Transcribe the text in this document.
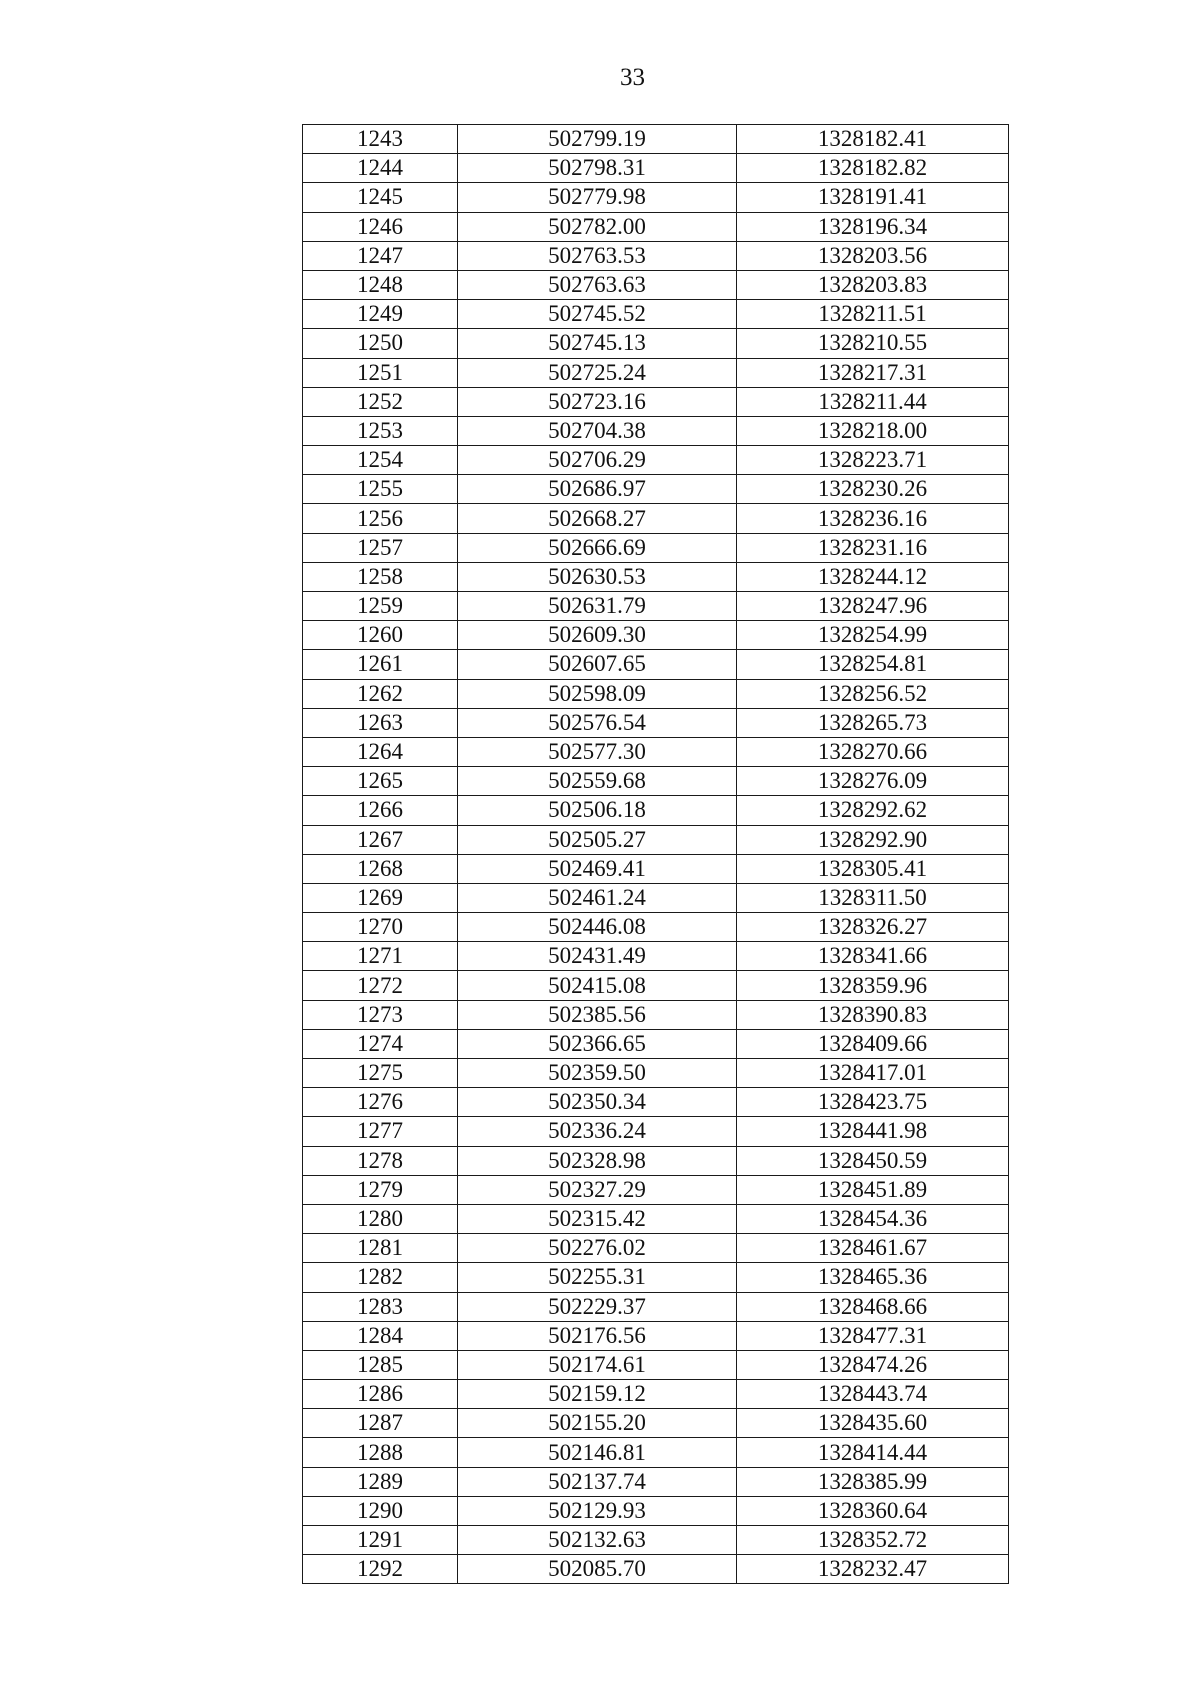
33
1243	502799.19	1328182.41
1244	502798.31	1328182.82
1245	502779.98	1328191.41
1246	502782.00	1328196.34
1247	502763.53	1328203.56
1248	502763.63	1328203.83
1249	502745.52	1328211.51
1250	502745.13	1328210.55
1251	502725.24	1328217.31
1252	502723.16	1328211.44
1253	502704.38	1328218.00
1254	502706.29	1328223.71
1255	502686.97	1328230.26
1256	502668.27	1328236.16
1257	502666.69	1328231.16
1258	502630.53	1328244.12
1259	502631.79	1328247.96
1260	502609.30	1328254.99
1261	502607.65	1328254.81
1262	502598.09	1328256.52
1263	502576.54	1328265.73
1264	502577.30	1328270.66
1265	502559.68	1328276.09
1266	502506.18	1328292.62
1267	502505.27	1328292.90
1268	502469.41	1328305.41
1269	502461.24	1328311.50
1270	502446.08	1328326.27
1271	502431.49	1328341.66
1272	502415.08	1328359.96
1273	502385.56	1328390.83
1274	502366.65	1328409.66
1275	502359.50	1328417.01
1276	502350.34	1328423.75
1277	502336.24	1328441.98
1278	502328.98	1328450.59
1279	502327.29	1328451.89
1280	502315.42	1328454.36
1281	502276.02	1328461.67
1282	502255.31	1328465.36
1283	502229.37	1328468.66
1284	502176.56	1328477.31
1285	502174.61	1328474.26
1286	502159.12	1328443.74
1287	502155.20	1328435.60
1288	502146.81	1328414.44
1289	502137.74	1328385.99
1290	502129.93	1328360.64
1291	502132.63	1328352.72
1292	502085.70	1328232.47
